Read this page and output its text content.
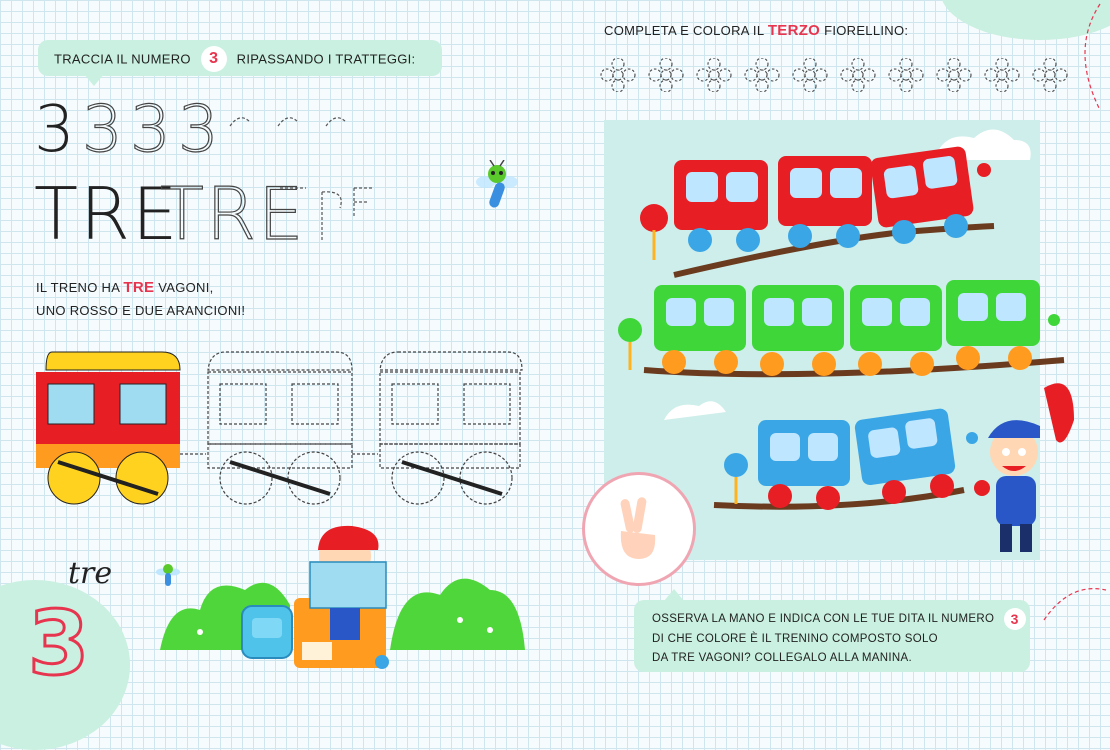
TRACCIA IL NUMERO 3 RIPASSANDO I TRATTEGGI:
3 3 3 3
TRE
TRE
IL TRENO HA TRE VAGONI,
UNO ROSSO E DUE ARANCIONI!
tre
3
COMPLETA E COLORA IL TERZO FIORELLINO:
OSSERVA LA MANO E INDICA CON LE TUE DITA IL NUMERO 3
DI CHE COLORE È IL TRENINO COMPOSTO SOLO
DA TRE VAGONI? COLLEGALO ALLA MANINA.
